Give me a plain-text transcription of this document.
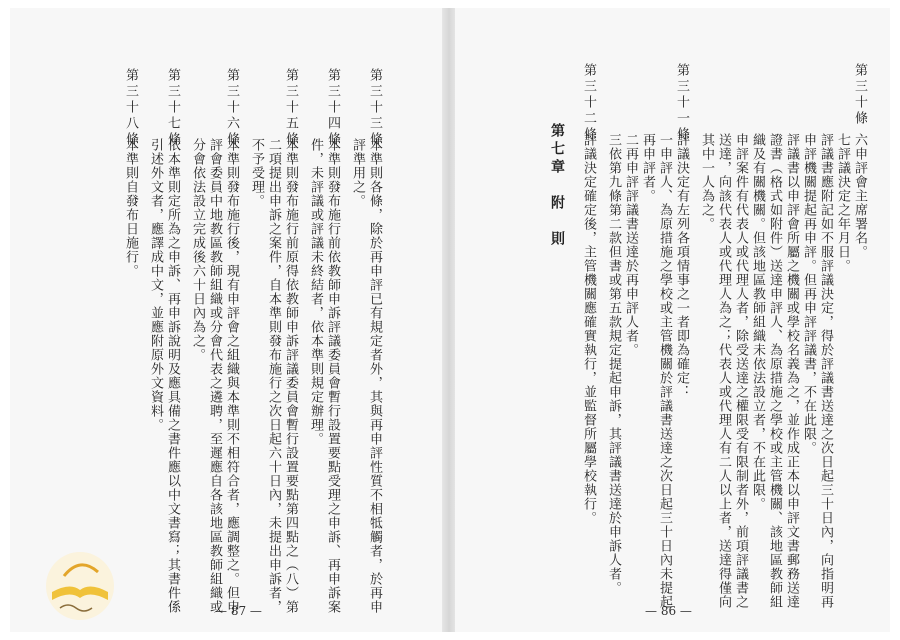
— 87 —
第三十三條
本準則各條，除於再申評已有規定者外，其與再申評性質不相牴觸者，於再申
評準用之。
第三十四條
本準則發布施行前依教師申訴評議委員會暫行設置要點受理之申訴、再申訴案
件，未評議或評議未終結者，依本準則規定辦理。
第三十五條
本準則發布施行前原得依教師申訴評議委員會暫行設置要點第四點之（八）第
二項提出申訴之案件，自本準則發布施行之次日起六十日內，未提出申訴者，
不予受理。
第三十六條
本準則發布施行後，現有申評會之組織與本準則不相符合者，應調整之。但申
評會委員中地教區教師組織或分會代表之遴聘，至遲應自各該地區教師組織或
分會依法設立完成後六十日內為之。
第三十七條
依本準則定所為之申訴、再申訴說明及應具備之書件應以中文書寫；其書件係
引述外文者，應譯成中文，並應附原外文資料。
第三十八條
本準則自發布日施行。
— 86 —
第三十條
六申評會主席署名。
七評議決定之年月日。
評議書應附記如不服評議決定，得於評議書送達之次日起三十日內，向指明再
申評機關提起再申評。但再申評評議書，不在此限。
評議書以申評會所屬之機關或學校名義為之，並作成正本以申評文書郵務送達
證書（格式如附件）送達申評人、為原措施之學校或主管機關、該地區教師組
織及有關機關。但該地區教師組織未依法設立者，不在此限。
申評案件有代表人或代理人者，除受送達之權限受有限制者外，前項評議書之
送達，向該代表人或代理人為之；代表人或代理人有二人以上者，送達得僅向
其中一人為之。
第三十一條
評議決定有左列各項情事之一者即為確定：
一申評人、為原措施之學校或主管機關於評議書送達之次日起三十日內未提起
再申評者。
二再申評評議書送達於再申評人者。
三依第九條第二款但書或第五款規定提起申訴，其評議書送達於申訴人者。
第三十二條
評議決定確定後，主管機關應確實執行，並監督所屬學校執行。
第七章　附　則
